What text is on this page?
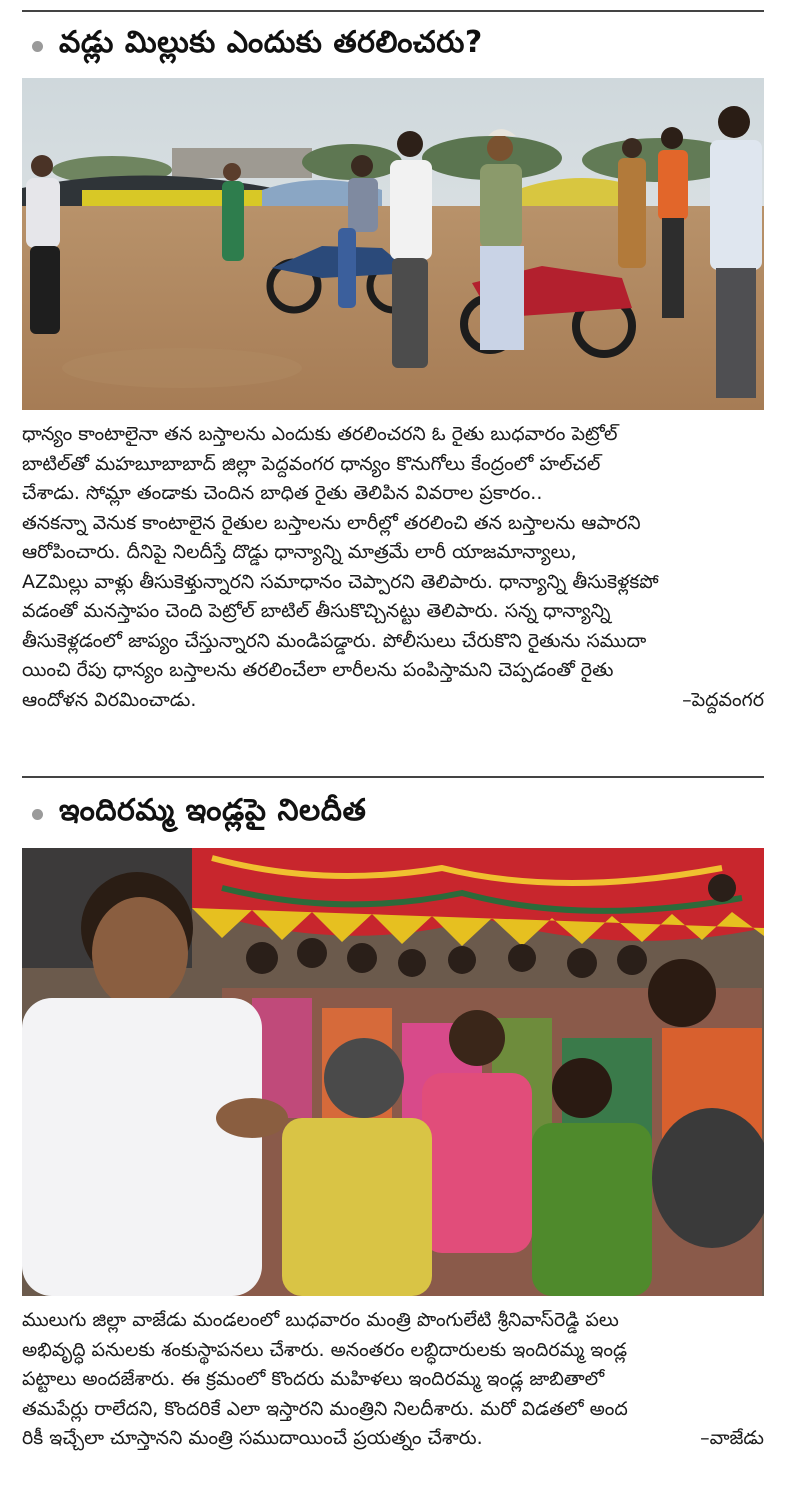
వడ్లు మిల్లుకు ఎందుకు తరలించరు?
ధాన్యం కాంటాలైనా తన బస్తాలను ఎందుకు తరలించరని ఓ రైతు బుధవారం పెట్రోల్
బాటిల్‌తో మహబూబాబాద్ జిల్లా పెద్దవంగర ధాన్యం కొనుగోలు కేంద్రంలో హల్‌చల్
చేశాడు. సోమ్లా తండాకు చెందిన బాధిత రైతు తెలిపిన వివరాల ప్రకారం..
తనకన్నా వెనుక కాంటాలైన రైతుల బస్తాలను లారీల్లో తరలించి తన బస్తాలను ఆపారని
ఆరోపించారు. దీనిపై నిలదీస్తే దొడ్డు ధాన్యాన్ని మాత్రమే లారీ యాజమాన్యాలు,
AZమిల్లు వాళ్లు తీసుకెళ్తున్నారని సమాధానం చెప్పారని తెలిపారు. ధాన్యాన్ని తీసుకెళ్లకపో
వడంతో మనస్తాపం చెంది పెట్రోల్ బాటిల్ తీసుకొచ్చినట్టు తెలిపారు. సన్న ధాన్యాన్ని
తీసుకెళ్లడంలో జాప్యం చేస్తున్నారని మండిపడ్డారు. పోలీసులు చేరుకొని రైతును సముదా
యించి రేపు ధాన్యం బస్తాలను తరలించేలా లారీలను పంపిస్తామని చెప్పడంతో రైతు
ఆందోళన విరమించాడు.	–పెద్దవంగర
ఇందిరమ్మ ఇండ్లపై నిలదీత
ములుగు జిల్లా వాజేడు మండలంలో బుధవారం మంత్రి పొంగులేటి శ్రీనివాస్‌రెడ్డి పలు
అభివృద్ధి పనులకు శంకుస్థాపనలు చేశారు. అనంతరం లబ్ధిదారులకు ఇందిరమ్మ ఇండ్ల
పట్టాలు అందజేశారు. ఈ క్రమంలో కొందరు మహిళలు ఇందిరమ్మ ఇండ్ల జాబితాలో
తమపేర్లు రాలేదని, కొందరికే ఎలా ఇస్తారని మంత్రిని నిలదీశారు. మరో విడతలో అంద
రికీ ఇచ్చేలా చూస్తానని మంత్రి సముదాయించే ప్రయత్నం చేశారు.	–వాజేడు
